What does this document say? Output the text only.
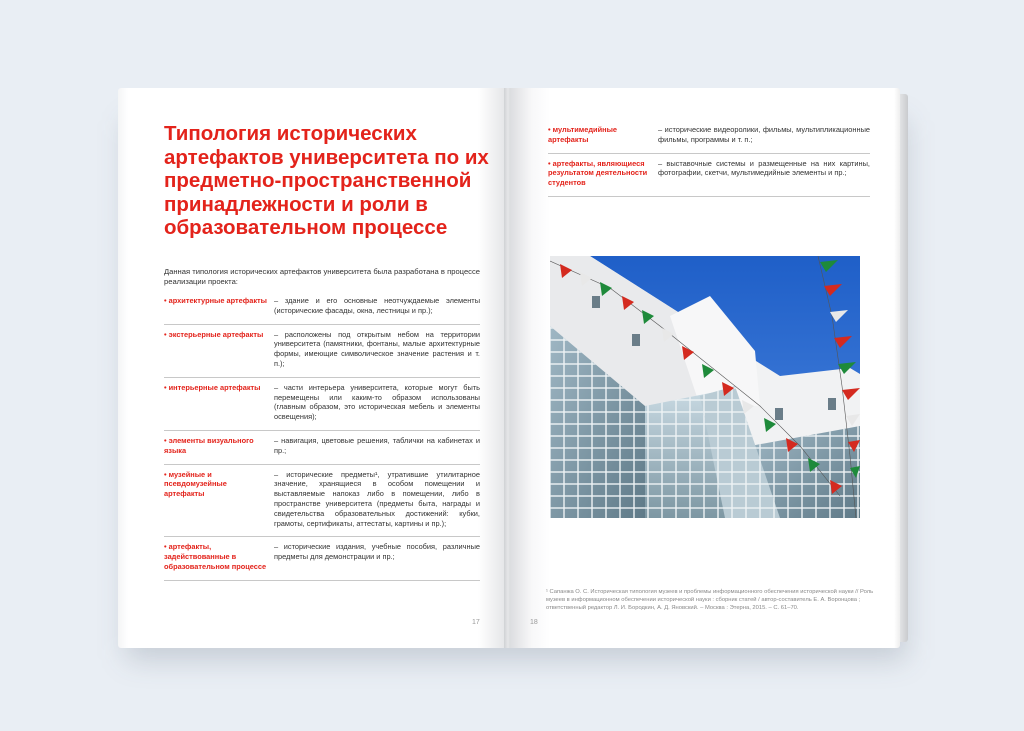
Типология исторических артефактов университета по их предметно-пространственной принадлежности и роли в образовательном процессе
Данная типология исторических артефактов университета была разработана в процессе реализации проекта:
• архитектурные артефакты – здание и его основные неотчуждаемые элементы (исторические фасады, окна, лестницы и пр.);
• экстерьерные артефакты	– расположены под открытым небом на территории университета (памятники, фонтаны, малые архитектурные формы, имеющие символическое значение растения и т. п.);
• интерьерные артефакты	– части интерьера университета, которые могут быть перемещены или каким-то образом использованы (главным образом, это историческая мебель и элементы освещения);
• элементы визуального языка
– навигация, цветовые решения, таблички на кабинетах и пр.;
• музейные и псевдомузейные артефакты
– исторические предметы¹, утратившие утилитарное значение, хранящиеся в особом помещении и выставляемые напоказ либо в помещении, либо в пространстве университета (предметы быта, награды и свидетельства образовательных достижений: кубки, грамоты, сертификаты, аттестаты, картины и пр.);
• артефакты, задействованные в образовательном процессе
– исторические издания, учебные пособия, различные предметы для демонстрации и пр.;
17
• мультимедийные артефакты
– исторические видеоролики, фильмы, мультипликационные фильмы, программы и т. п.;
• артефакты, являющиеся результатом деятельности студентов
– выставочные системы и размещенные на них картины, фотографии, скетчи, мультимедийные элементы и пр.;
¹ Сапанжа О. С. Историческая типология музеев и проблемы информационного обеспечения исторической науки // Роль музеев в информационном обеспечении исторической науки : сборник статей / автор-составитель Е. А. Воронцова ; ответственный редактор Л. И. Бородкин, А. Д. Яновский. – Москва : Этерна, 2015. – С. 61–70.
18
